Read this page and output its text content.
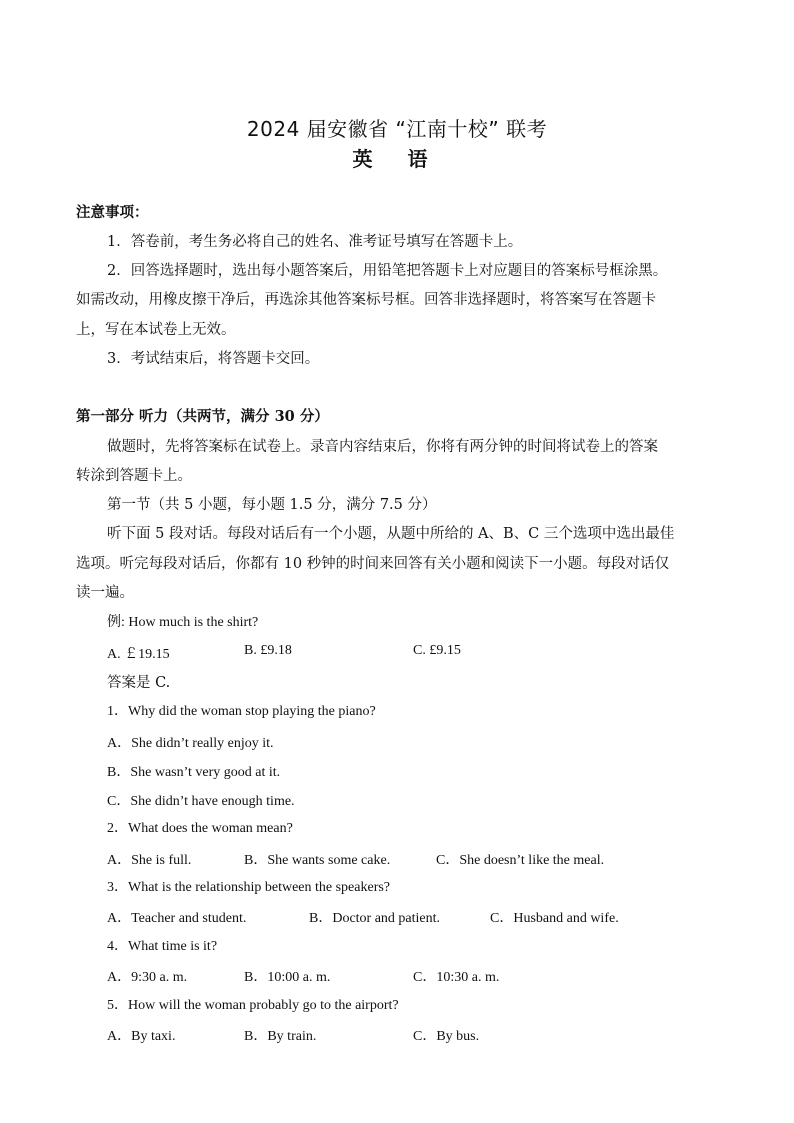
2024 届安徽省 “江南十校” 联考
英 语
注意事项：
1．答卷前，考生务必将自己的姓名、准考证号填写在答题卡上。
2．回答选择题时，选出每小题答案后，用铅笔把答题卡上对应题目的答案标号框涂黑。
如需改动，用橡皮擦干净后，再选涂其他答案标号框。回答非选择题时，将答案写在答题卡
上，写在本试卷上无效。
3．考试结束后，将答题卡交回。
第一部分 听力（共两节，满分 30 分）
做题时，先将答案标在试卷上。录音内容结束后，你将有两分钟的时间将试卷上的答案
转涂到答题卡上。
第一节（共 5 小题，每小题 1.5 分，满分 7.5 分）
听下面 5 段对话。每段对话后有一个小题，从题中所给的 A、B、C 三个选项中选出最佳
选项。听完每段对话后，你都有 10 秒钟的时间来回答有关小题和阅读下一小题。每段对话仅
读一遍。
例: How much is the shirt?
A. ￡19.15	B. £9.18	C. £9.15
答案是 C.
1．Why did the woman stop playing the piano?
A．She didn’t really enjoy it.
B．She wasn’t very good at it.
C．She didn’t have enough time.
2．What does the woman mean?
A．She is full.	B．She wants some cake.	C．She doesn’t like the meal.
3．What is the relationship between the speakers?
A．Teacher and student.	B．Doctor and patient.	C．Husband and wife.
4．What time is it?
A．9:30 a. m.	B．10:00 a. m.	C．10:30 a. m.
5．How will the woman probably go to the airport?
A．By taxi.	B．By train.	C．By bus.
